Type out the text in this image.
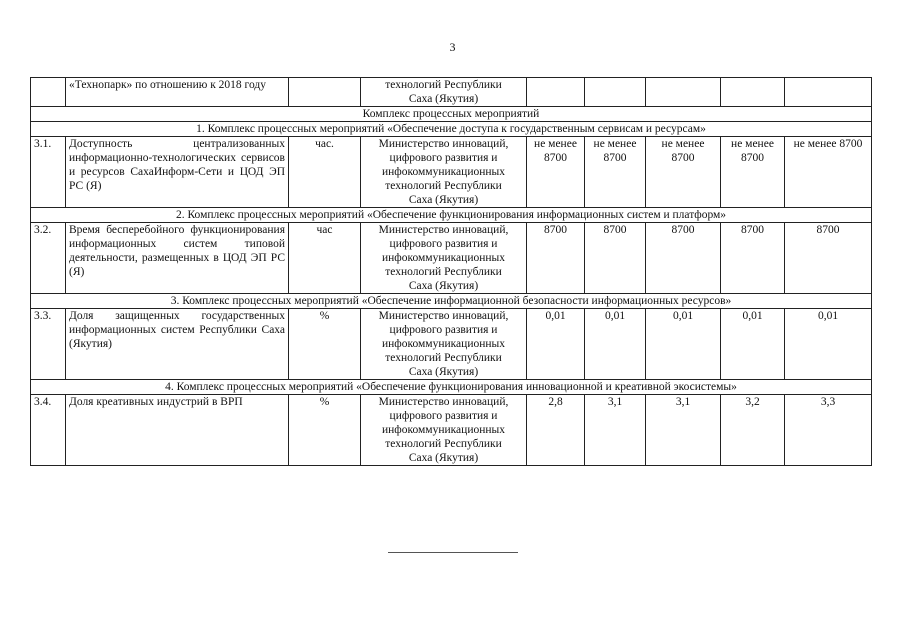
3
	«Технопарк» по отношению к 2018 году		технологий Республики
Саха (Якутия)					

Комплекс процессных мероприятий								
1. Комплекс процессных мероприятий «Обеспечение доступа к государственным сервисам и ресурсам»								
3.1.	Доступность централизованных информационно-технологических сервисов и ресурсов СахаИнформ-Сети и ЦОД ЭП РС (Я)	час.	Министерство инноваций,
цифрового развития и
инфокоммуникационных
технологий Республики
Саха (Якутия)	не менее 8700	не менее 8700	не менее 8700	не менее 8700	не менее 8700
2. Комплекс процессных мероприятий «Обеспечение функционирования информационных систем и платформ»								
3.2.	Время бесперебойного функционирования информационных систем типовой деятельности, размещенных в ЦОД ЭП РС (Я)	час	Министерство инноваций,
цифрового развития и
инфокоммуникационных
технологий Республики
Саха (Якутия)	8700	8700	8700	8700	8700
3. Комплекс процессных мероприятий «Обеспечение информационной безопасности информационных ресурсов»								
3.3.	Доля защищенных государственных информационных систем Республики Саха (Якутия)	%	Министерство инноваций,
цифрового развития и
инфокоммуникационных
технологий Республики
Саха (Якутия)	0,01	0,01	0,01	0,01	0,01
4. Комплекс процессных мероприятий «Обеспечение функционирования инновационной и креативной экосистемы»								
3.4.	Доля креативных индустрий в ВРП	%	Министерство инноваций,
цифрового развития и
инфокоммуникационных
технологий Республики
Саха (Якутия)	2,8	3,1	3,1	3,2	3,3
